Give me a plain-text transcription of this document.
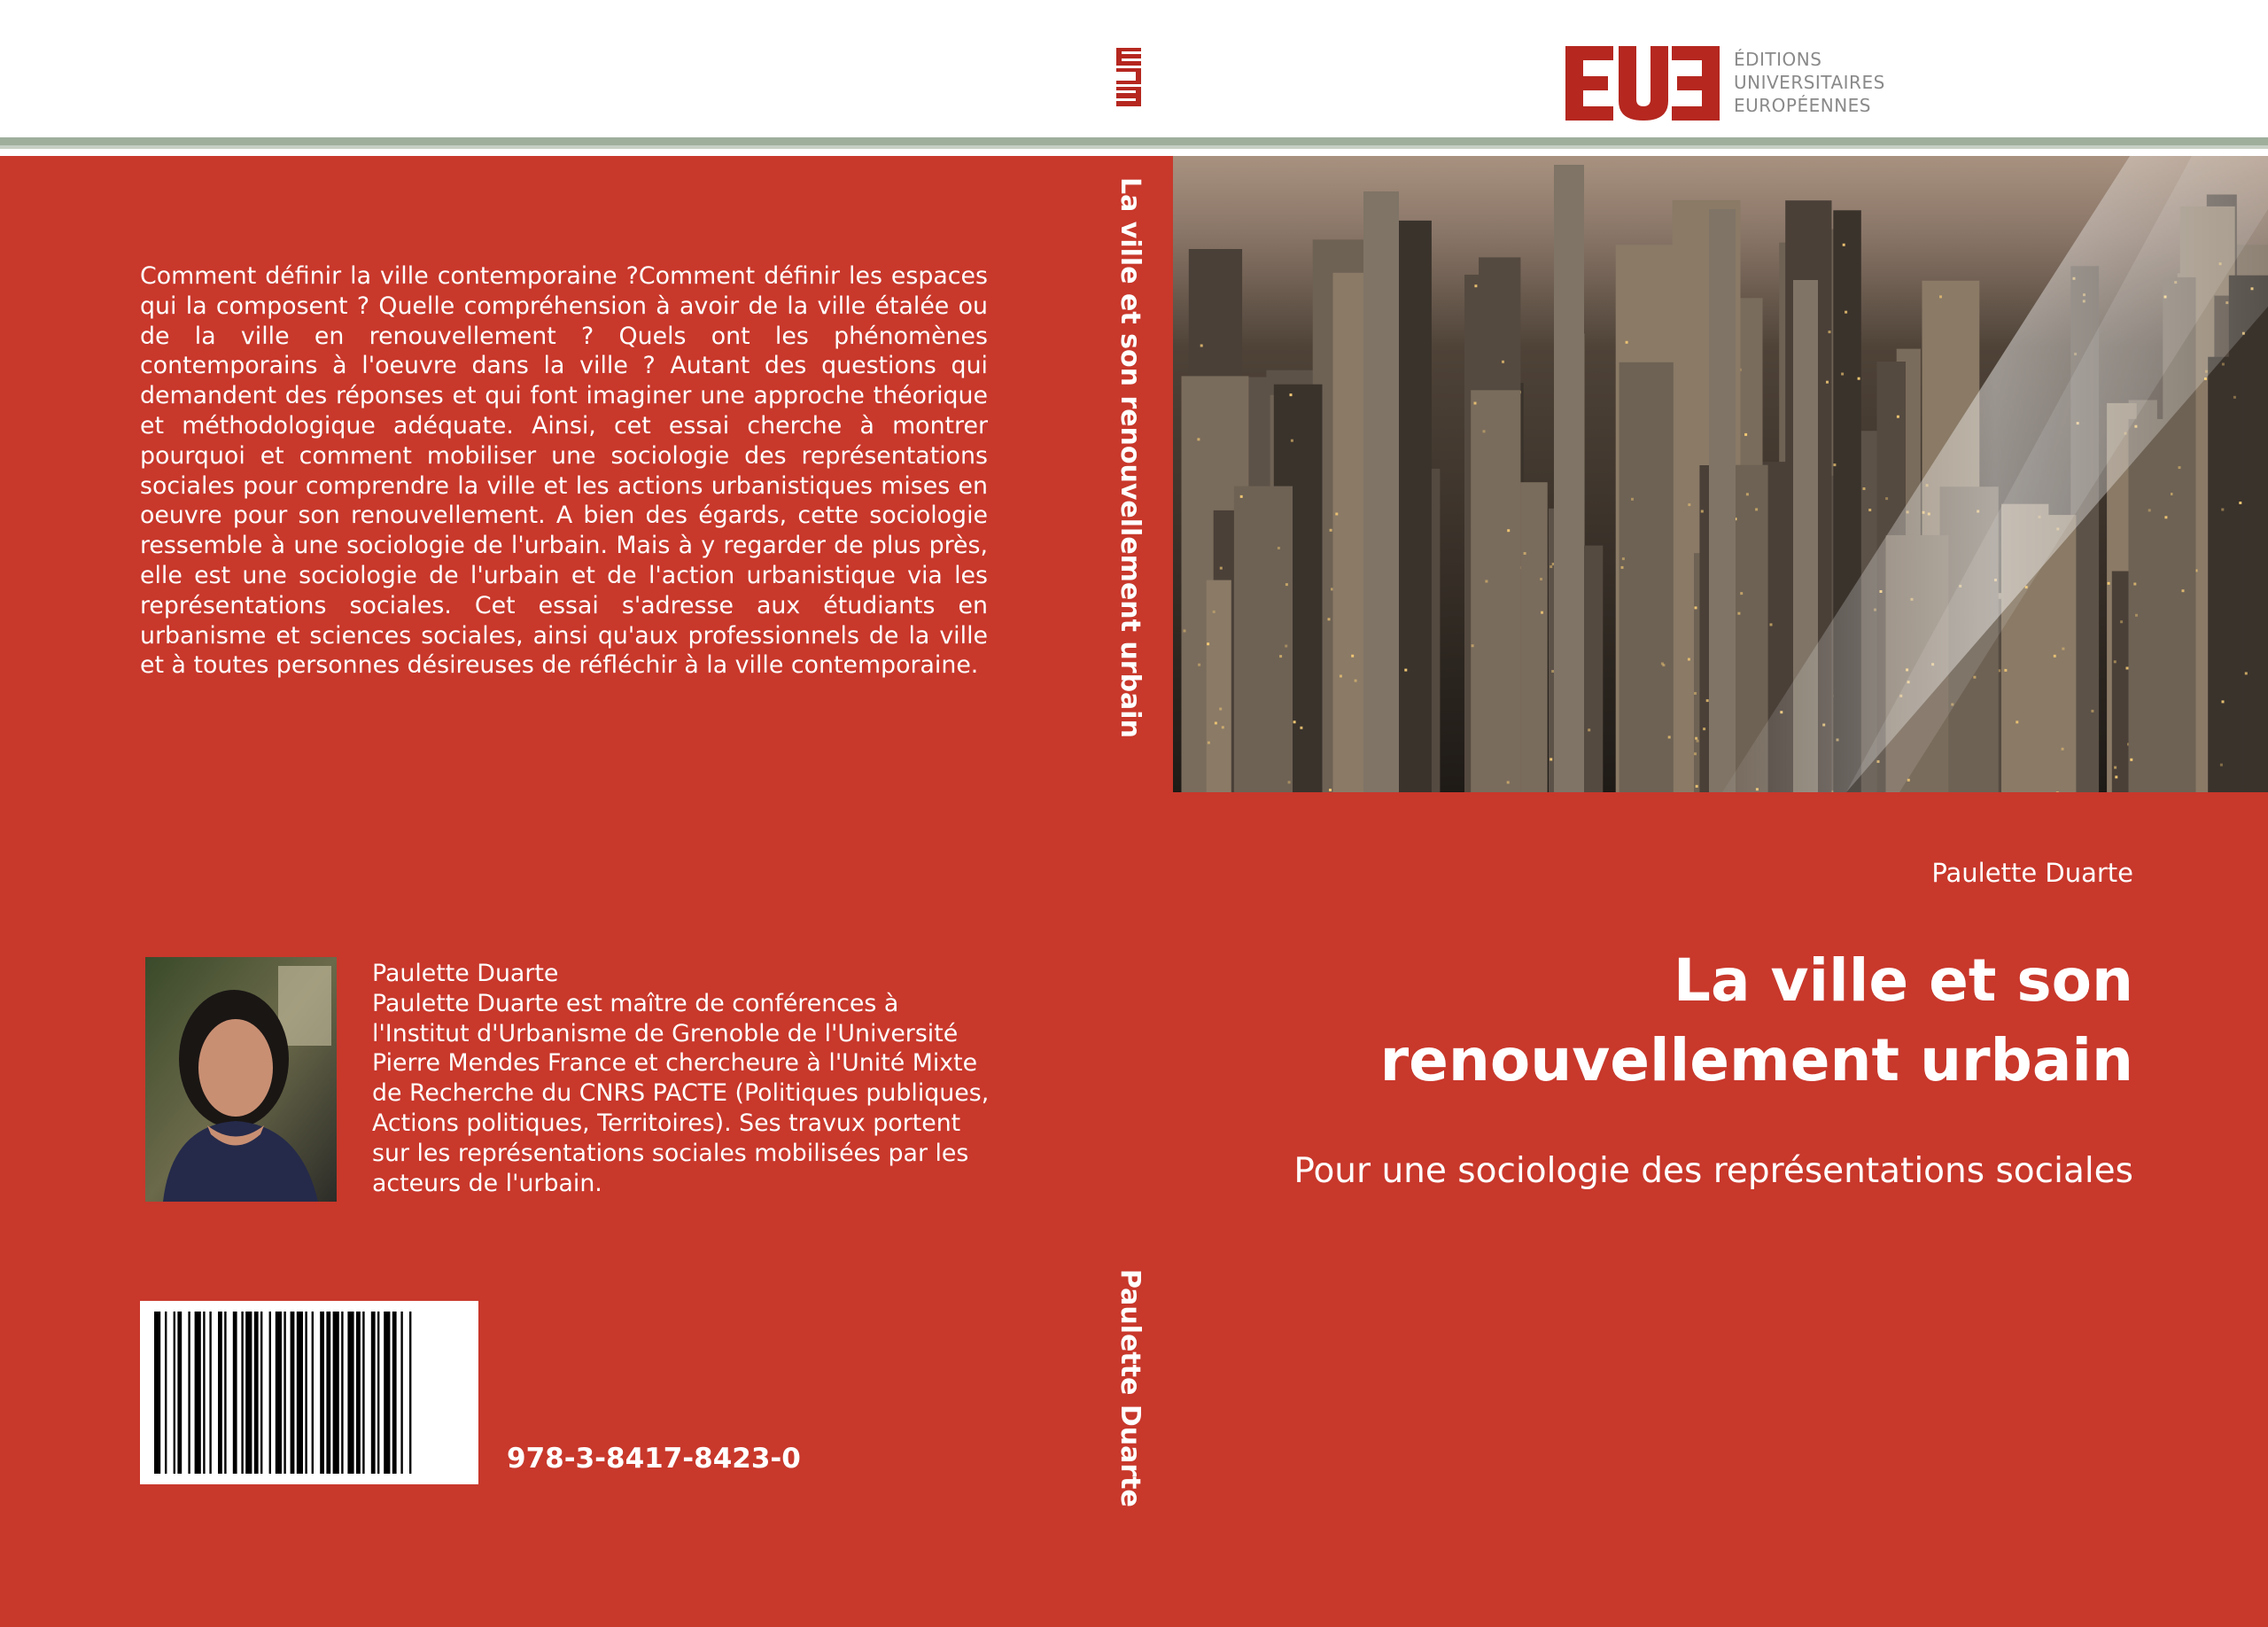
ÉDITIONS
UNIVERSITAIRES
EUROPÉENNES
Comment définir la ville contemporaine ?Comment définir les espaces qui la composent ? Quelle compréhension à avoir de la ville étalée ou de la ville en renouvellement ? Quels ont les phénomènes contemporains à l'oeuvre dans la ville ? Autant des questions qui demandent des réponses et qui font imaginer une approche théorique et méthodologique adéquate. Ainsi, cet essai cherche à montrer pourquoi et comment mobiliser une sociologie des représentations sociales pour comprendre la ville et les actions urbanistiques mises en oeuvre pour son renouvellement. A bien des égards, cette sociologie ressemble à une sociologie de l'urbain. Mais à y regarder de plus près, elle est une sociologie de l'urbain et de l'action urbanistique via les représentations sociales. Cet essai s'adresse aux étudiants en urbanisme et sciences sociales, ainsi qu'aux professionnels de la ville et à toutes personnes désireuses de réfléchir à la ville contemporaine.
Paulette Duarte
Paulette Duarte est maître de conférences à l'Institut d'Urbanisme de Grenoble de l'Université Pierre Mendes France et chercheure à l'Unité Mixte de Recherche du CNRS PACTE (Politiques publiques, Actions politiques, Territoires). Ses travux portent sur les représentations sociales mobilisées par les acteurs de l'urbain.
978-3-8417-8423-0
La ville et son renouvellement urbain
Paulette Duarte
Paulette Duarte
La ville et son renouvellement urbain
Pour une sociologie des représentations sociales
